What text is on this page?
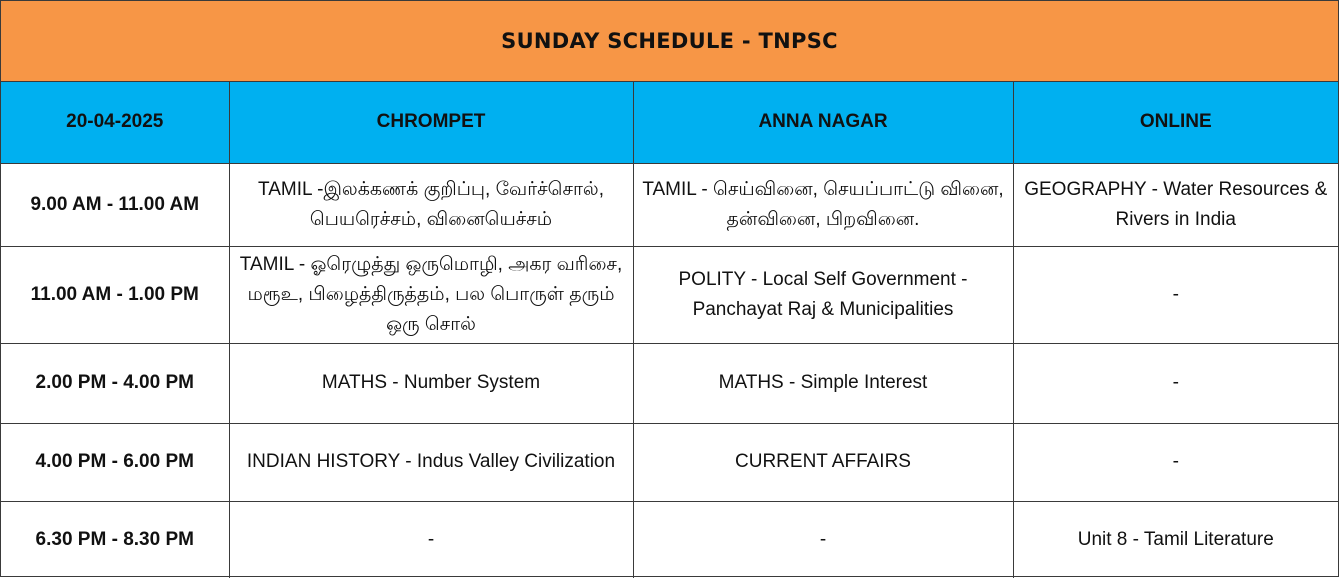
SUNDAY SCHEDULE - TNPSC
20-04-2025	CHROMPET	ANNA NAGAR	ONLINE
9.00 AM - 11.00 AM	TAMIL -இலக்கணக் குறிப்பு, வேர்ச்சொல், பெயரெச்சம், வினையெச்சம்	TAMIL - செய்வினை, செயப்பாட்டு வினை, தன்வினை, பிறவினை.	GEOGRAPHY - Water Resources & Rivers in India
11.00 AM - 1.00 PM	TAMIL - ஓரெழுத்து ஒருமொழி, அகர வரிசை, மரூஉ, பிழைத்திருத்தம், பல பொருள் தரும் ஒரு சொல்	POLITY - Local Self Government - Panchayat Raj & Municipalities	-
2.00 PM - 4.00 PM	MATHS - Number System	MATHS - Simple Interest	-
4.00 PM - 6.00 PM	INDIAN HISTORY - Indus Valley Civilization	CURRENT AFFAIRS	-
6.30 PM - 8.30 PM	-	-	Unit 8 - Tamil Literature
